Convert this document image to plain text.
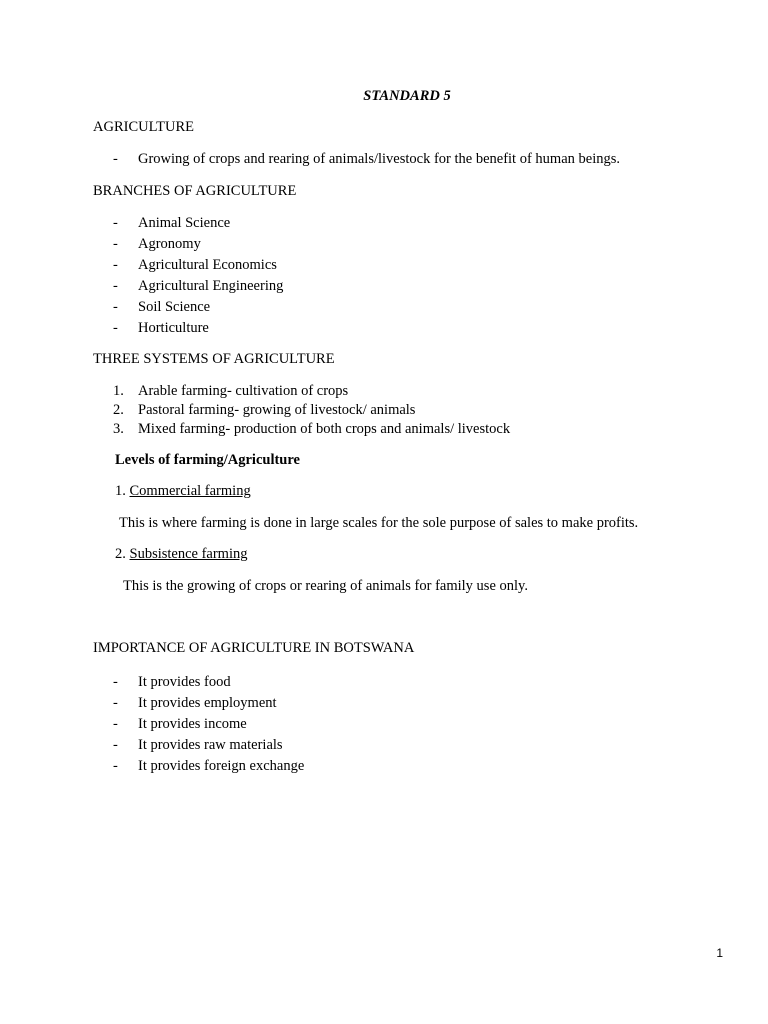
STANDARD 5
AGRICULTURE
- Growing of crops and rearing of animals/livestock for the benefit of human beings.
BRANCHES OF AGRICULTURE
- Animal Science
- Agronomy
- Agricultural Economics
- Agricultural Engineering
- Soil Science
- Horticulture
THREE SYSTEMS OF AGRICULTURE
1. Arable farming- cultivation of crops
2. Pastoral farming- growing of livestock/ animals
3. Mixed farming- production of both crops and animals/ livestock
Levels of farming/Agriculture
1. Commercial farming
This is where farming is done in large scales for the sole purpose of sales to make profits.
2. Subsistence farming
This is the growing of crops or rearing of animals for family use only.
IMPORTANCE OF AGRICULTURE IN BOTSWANA
- It provides food
- It provides employment
- It provides income
- It provides raw materials
- It provides foreign exchange
1
